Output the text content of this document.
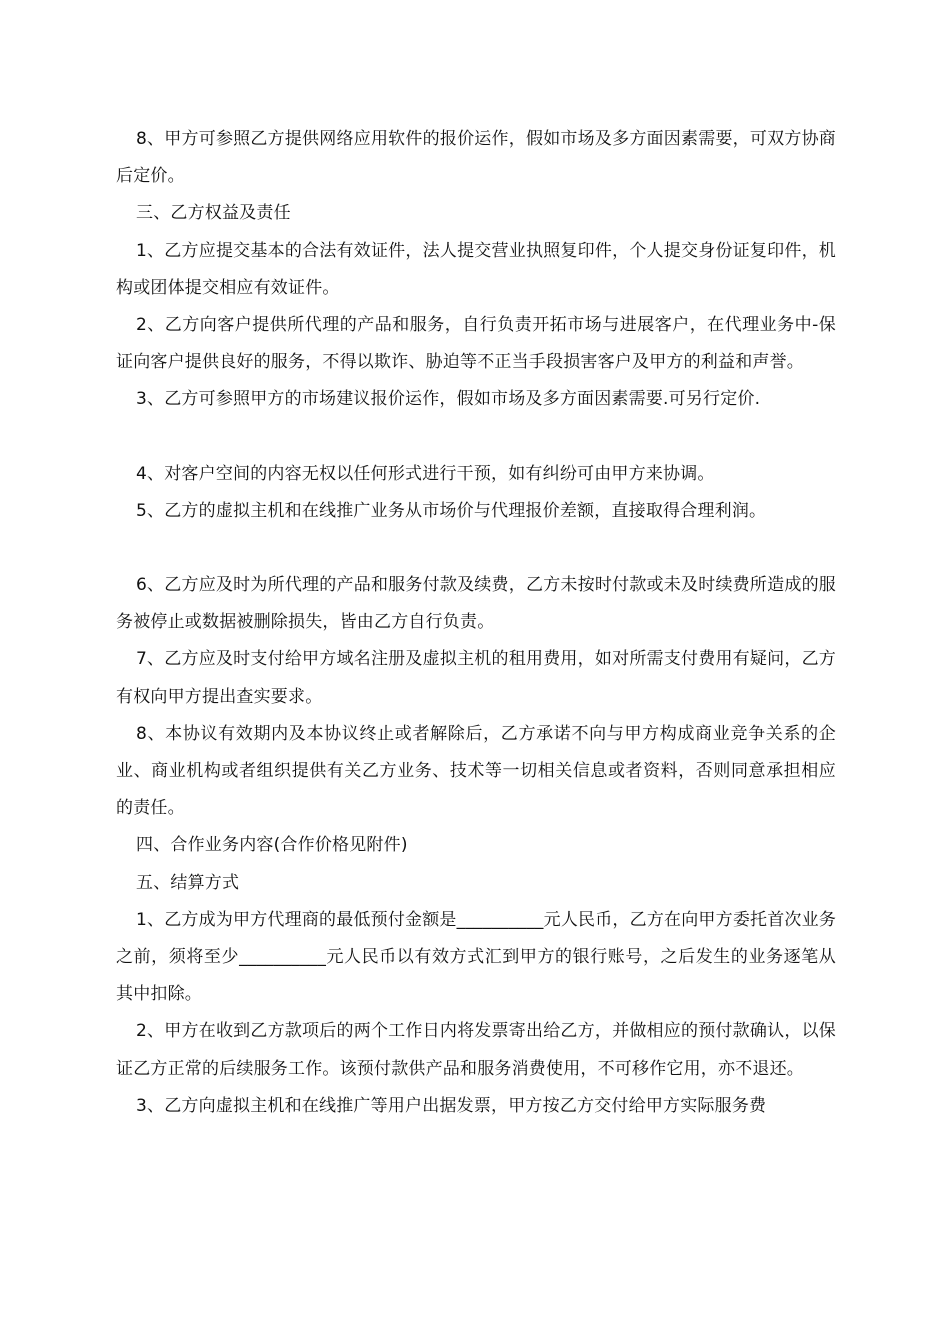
8、甲方可参照乙方提供网络应用软件的报价运作，假如市场及多方面因素需要，可双方协商后定价。

三、乙方权益及责任

1、乙方应提交基本的合法有效证件，法人提交营业执照复印件，个人提交身份证复印件，机构或团体提交相应有效证件。

2、乙方向客户提供所代理的产品和服务，自行负责开拓市场与进展客户，在代理业务中-保证向客户提供良好的服务，不得以欺诈、胁迫等不正当手段损害客户及甲方的利益和声誉。

3、乙方可参照甲方的市场建议报价运作，假如市场及多方面因素需要.可另行定价.

4、对客户空间的内容无权以任何形式进行干预，如有纠纷可由甲方来协调。

5、乙方的虚拟主机和在线推广业务从市场价与代理报价差额，直接取得合理利润。

6、乙方应及时为所代理的产品和服务付款及续费，乙方未按时付款或未及时续费所造成的服务被停止或数据被删除损失，皆由乙方自行负责。

7、乙方应及时支付给甲方域名注册及虚拟主机的租用费用，如对所需支付费用有疑问，乙方有权向甲方提出查实要求。

8、本协议有效期内及本协议终止或者解除后，乙方承诺不向与甲方构成商业竞争关系的企业、商业机构或者组织提供有关乙方业务、技术等一切相关信息或者资料，否则同意承担相应的责任。

四、合作业务内容(合作价格见附件)

五、结算方式

1、乙方成为甲方代理商的最低预付金额是__________元人民币，乙方在向甲方委托首次业务之前，须将至少__________元人民币以有效方式汇到甲方的银行账号，之后发生的业务逐笔从其中扣除。

2、甲方在收到乙方款项后的两个工作日内将发票寄出给乙方，并做相应的预付款确认，以保证乙方正常的后续服务工作。该预付款供产品和服务消费使用，不可移作它用，亦不退还。

3、乙方向虚拟主机和在线推广等用户出据发票，甲方按乙方交付给甲方实际服务费
